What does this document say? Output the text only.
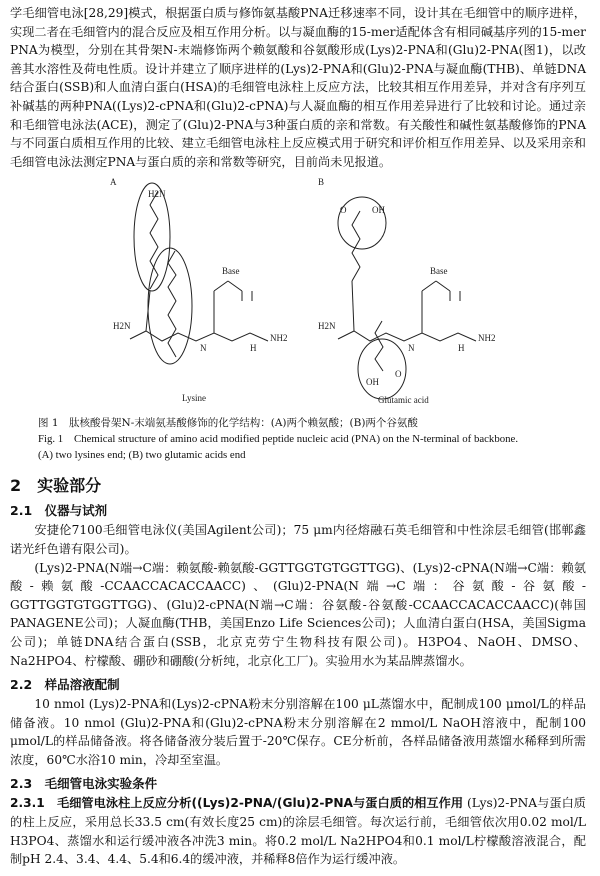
学毛细管电泳[28,29]模式，根据蛋白质与修饰氨基酸PNA迁移速率不同，设计其在毛细管中的顺序进样，实现二者在毛细管内的混合反应及相互作用分析。以与凝血酶的15-mer适配体含有相同碱基序列的15-mer PNA为模型，分别在其骨架N-末端修饰两个赖氨酸和谷氨酸形成(Lys)2-PNA和(Glu)2-PNA(图1)，以改善其水溶性及荷电性质。设计并建立了顺序进样的(Lys)2-PNA和(Glu)2-PNA与凝血酶(THB)、单链DNA结合蛋白(SSB)和人血清白蛋白(HSA)的毛细管电泳柱上反应方法，比较其相互作用差异，并对含有序列互补碱基的两种PNA((Lys)2-cPNA和(Glu)2-cPNA)与人凝血酶的相互作用差异进行了比较和讨论。通过亲和毛细管电泳法(ACE)，测定了(Glu)2-PNA与3种蛋白质的亲和常数。有关酸性和碱性氨基酸修饰的PNA与不同蛋白质相互作用的比较、建立毛细管电泳柱上反应模式用于研究和评价相互作用差异、以及采用亲和毛细管电泳法测定PNA与蛋白质的亲和常数等研究，目前尚未见报道。

A
H2N
H2N
Base
N	H
NH2
Lysine
B
O	OH
H2N
Base
N	H
NH2
OH
O
Glutamic acid

图 1　肽核酸骨架N-末端氨基酸修饰的化学结构：(A)两个赖氨酸；(B)两个谷氨酸

Fig. 1　Chemical structure of amino acid modified peptide nucleic acid (PNA) on the N-terminal of backbone.

(A) two lysines end; (B) two glutamic acids end

2　实验部分
2.1　仪器与试剂

安捷伦7100毛细管电泳仪(美国Agilent公司)；75 μm内径熔融石英毛细管和中性涂层毛细管(邯郸鑫诺光纤色谱有限公司)。

(Lys)2-PNA(N端→C端：赖氨酸-赖氨酸-GGTTGGTGTGGTTGG)、(Lys)2-cPNA(N端→C端：赖氨酸-赖氨酸-CCAACCACACCAACC)、(Glu)2-PNA(N端→C端：谷氨酸-谷氨酸-GGTTGGTGTGGTTGG)、(Glu)2-cPNA(N端→C端：谷氨酸-谷氨酸-CCAACCACACCAACC)(韩国PANAGENE公司)；人凝血酶(THB，美国Enzo Life Sciences公司)；人血清白蛋白(HSA，美国Sigma公司)；单链DNA结合蛋白(SSB，北京克劳宁生物科技有限公司)。H3PO4、NaOH、DMSO、Na2HPO4、柠檬酸、硼砂和硼酸(分析纯，北京化工厂)。实验用水为某品牌蒸馏水。

2.2　样品溶液配制

10 nmol (Lys)2-PNA和(Lys)2-cPNA粉末分别溶解在100 μL蒸馏水中，配制成100 μmol/L的样品储备液。10 nmol (Glu)2-PNA和(Glu)2-cPNA粉末分别溶解在2 mmol/L NaOH溶液中，配制100 μmol/L的样品储备液。将各储备液分装后置于-20℃保存。CE分析前，各样品储备液用蒸馏水稀释到所需浓度，60℃水浴10 min，冷却至室温。

2.3　毛细管电泳实验条件

2.3.1　毛细管电泳柱上反应分析((Lys)2-PNA/(Glu)2-PNA与蛋白质的相互作用 (Lys)2-PNA与蛋白质的柱上反应，采用总长33.5 cm(有效长度25 cm)的涂层毛细管。每次运行前，毛细管依次用0.02 mol/L H3PO4、蒸馏水和运行缓冲液各冲洗3 min。将0.2 mol/L Na2HPO4和0.1 mol/L柠檬酸溶液混合，配制pH 2.4、3.4、4.4、5.4和6.4的缓冲液，并稀释8倍作为运行缓冲液。
